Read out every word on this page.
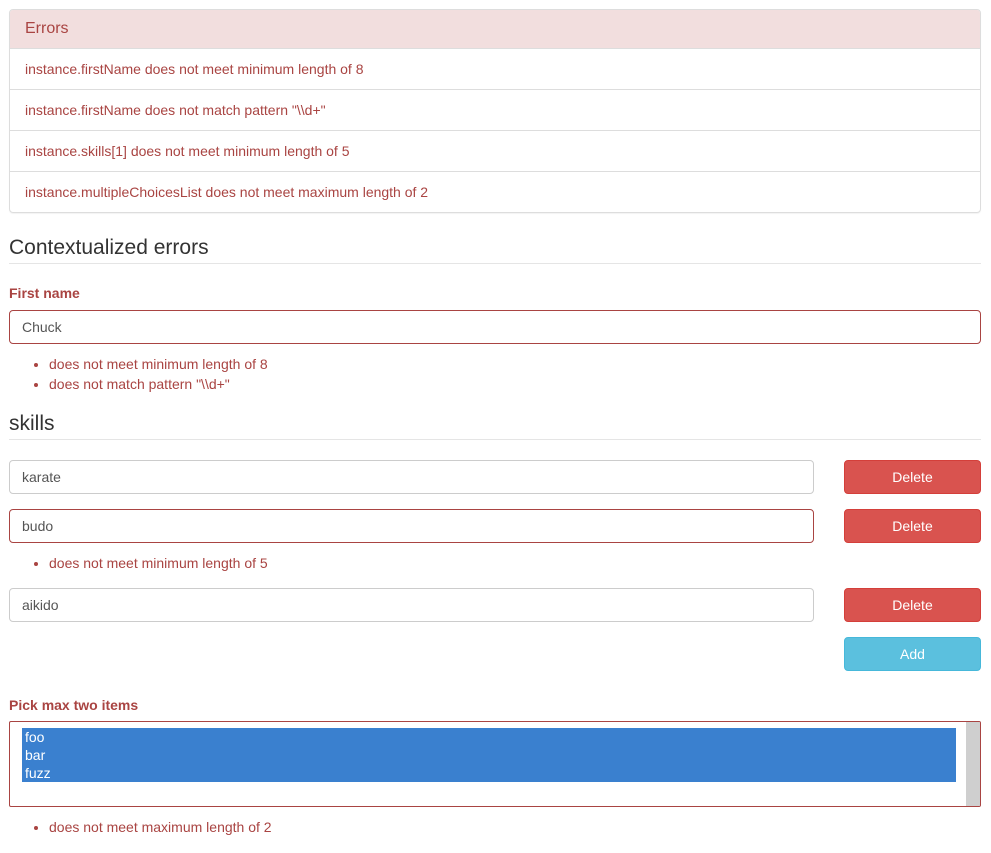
Errors
instance.firstName does not meet minimum length of 8
instance.firstName does not match pattern "\\d+"
instance.skills[1] does not meet minimum length of 5
instance.multipleChoicesList does not meet maximum length of 2
Contextualized errors
First name
Chuck
• does not meet minimum length of 8
• does not match pattern "\\d+"
skills
karate	Delete
budo	Delete
• does not meet minimum length of 5
aikido	Delete
Add
Pick max two items
foo
bar
fuzz
• does not meet maximum length of 2
